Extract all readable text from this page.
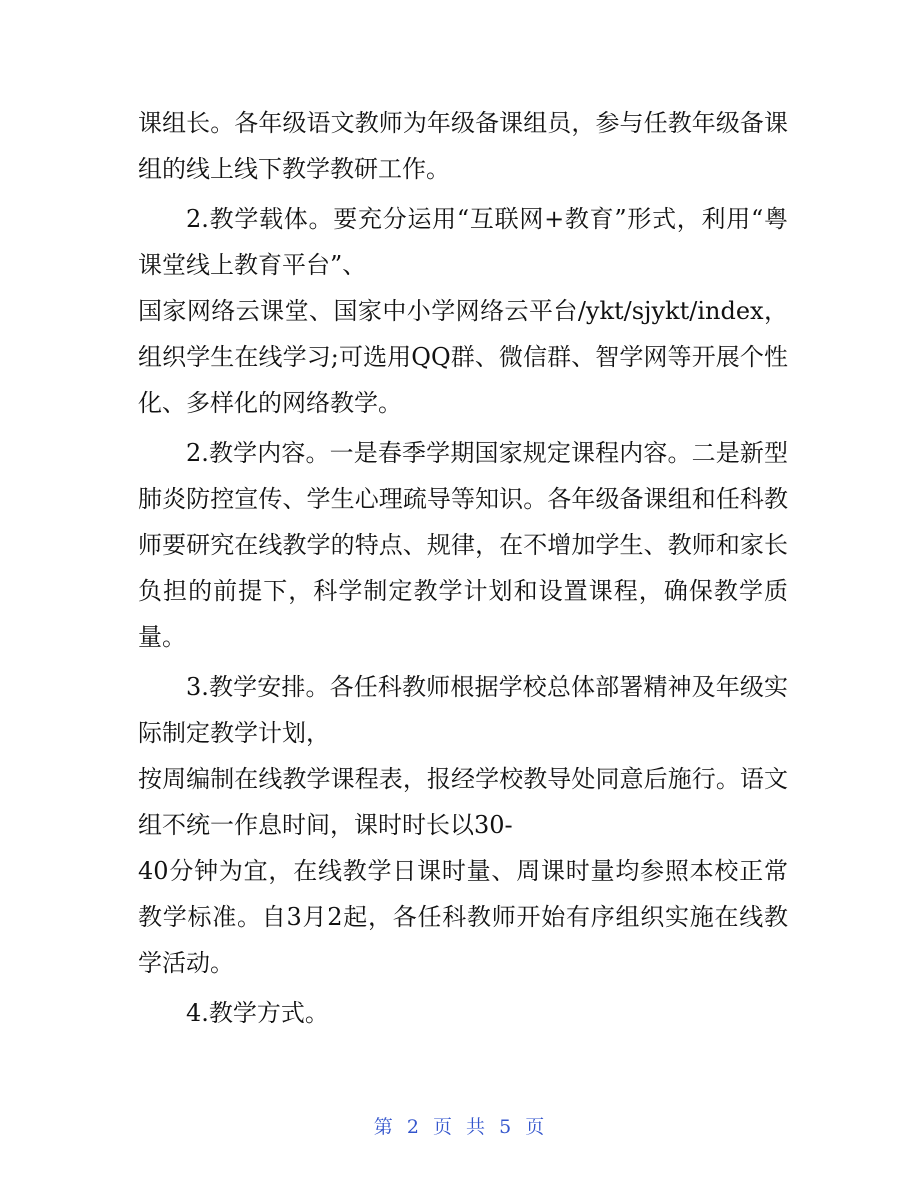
课组长。各年级语文教师为年级备课组员，参与任教年级备课组的线上线下教学教研工作。

2.教学载体。要充分运用“互联网+教育”形式，利用“粤课堂线上教育平台”、

国家网络云课堂、国家中小学网络云平台/ykt/sjykt/index，组织学生在线学习;可选用QQ群、微信群、智学网等开展个性化、多样化的网络教学。

2.教学内容。一是春季学期国家规定课程内容。二是新型肺炎防控宣传、学生心理疏导等知识。各年级备课组和任科教师要研究在线教学的特点、规律，在不增加学生、教师和家长负担的前提下，科学制定教学计划和设置课程，确保教学质量。

3.教学安排。各任科教师根据学校总体部署精神及年级实际制定教学计划，

按周编制在线教学课程表，报经学校教导处同意后施行。语文组不统一作息时间，课时时长以30-

40分钟为宜，在线教学日课时量、周课时量均参照本校正常教学标准。自3月2起，各任科教师开始有序组织实施在线教学活动。

4.教学方式。

第 2 页 共 5 页
